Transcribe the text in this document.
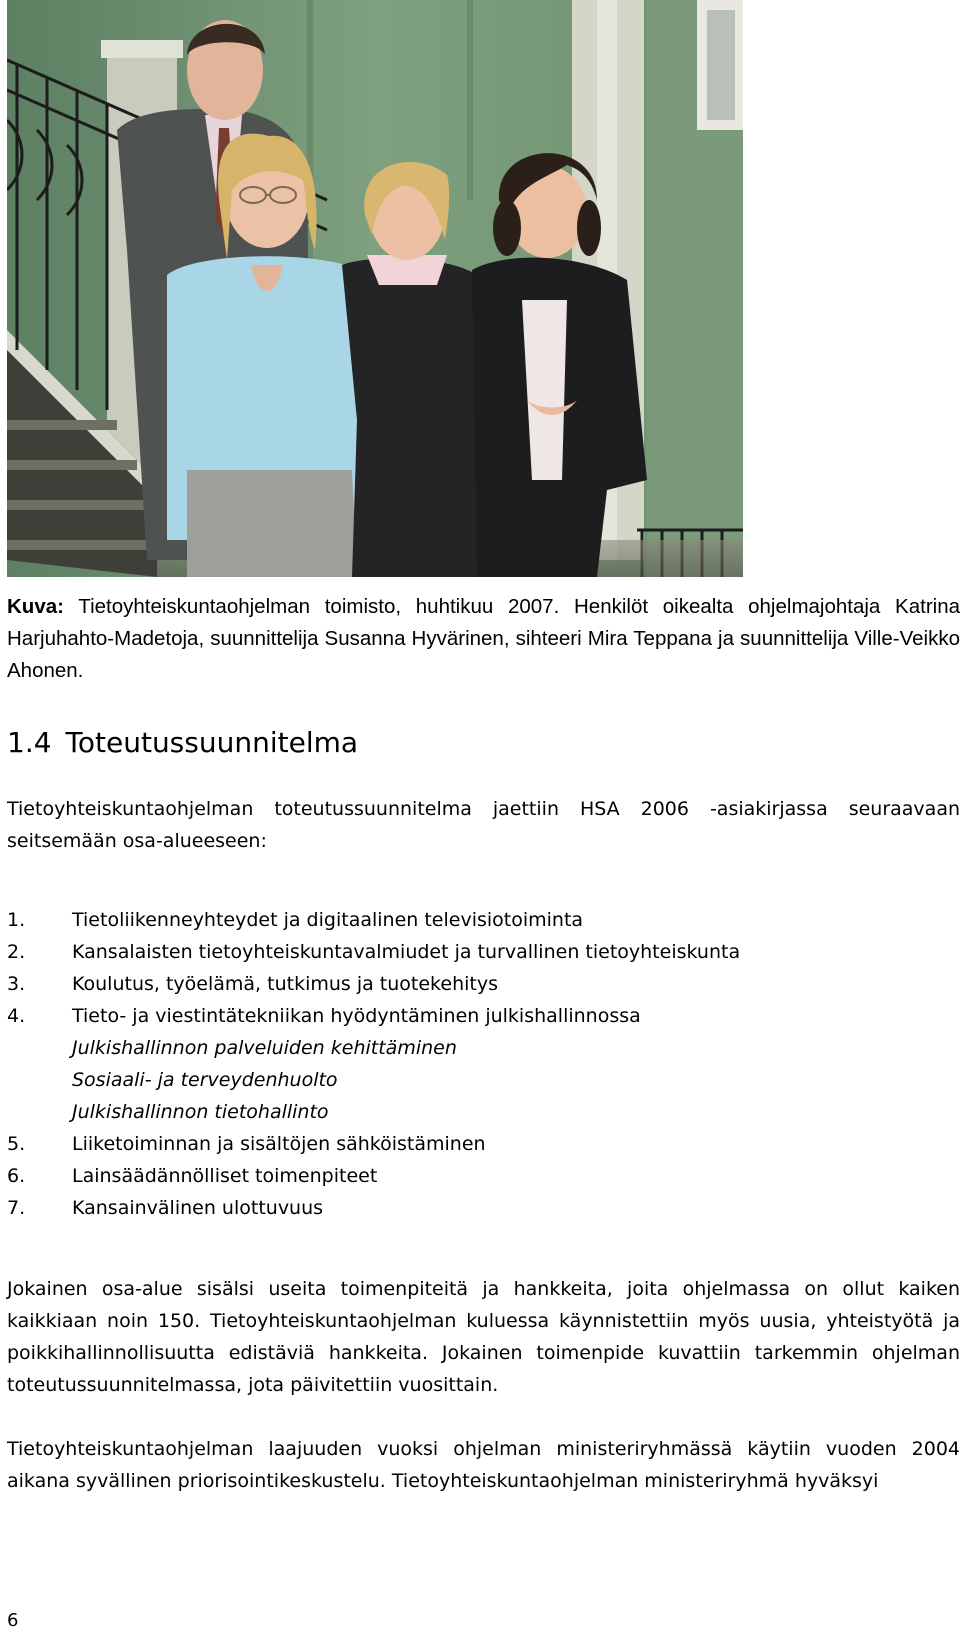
Kuva: Tietoyhteiskuntaohjelman toimisto, huhtikuu 2007. Henkilöt oikealta ohjelmajohtaja Katrina Harjuhahto-Madetoja, suunnittelija Susanna Hyvärinen, sihteeri Mira Teppana ja suunnittelija Ville-Veikko Ahonen.
1.4 Toteutussuunnitelma

Tietoyhteiskuntaohjelman toteutussuunnitelma jaettiin HSA 2006 -asiakirjassa seuraavaan seitsemään osa-alueeseen:

1. Tietoliikenneyhteydet ja digitaalinen televisiotoiminta
2. Kansalaisten tietoyhteiskuntavalmiudet ja turvallinen tietoyhteiskunta
3. Koulutus, työelämä, tutkimus ja tuotekehitys
4. Tieto- ja viestintätekniikan hyödyntäminen julkishallinnossa
Julkishallinnon palveluiden kehittäminen
Sosiaali- ja terveydenhuolto
Julkishallinnon tietohallinto
5. Liiketoiminnan ja sisältöjen sähköistäminen
6. Lainsäädännölliset toimenpiteet
7. Kansainvälinen ulottuvuus

Jokainen osa-alue sisälsi useita toimenpiteitä ja hankkeita, joita ohjelmassa on ollut kaiken kaikkiaan noin 150. Tietoyhteiskuntaohjelman kuluessa käynnistettiin myös uusia, yhteistyötä ja poikkihallinnollisuutta edistäviä hankkeita. Jokainen toimenpide kuvattiin tarkemmin ohjelman toteutussuunnitelmassa, jota päivitettiin vuosittain.

Tietoyhteiskuntaohjelman laajuuden vuoksi ohjelman ministeriryhmässä käytiin vuoden 2004 aikana syvällinen priorisointikeskustelu. Tietoyhteiskuntaohjelman ministeriryhmä hyväksyi

6
